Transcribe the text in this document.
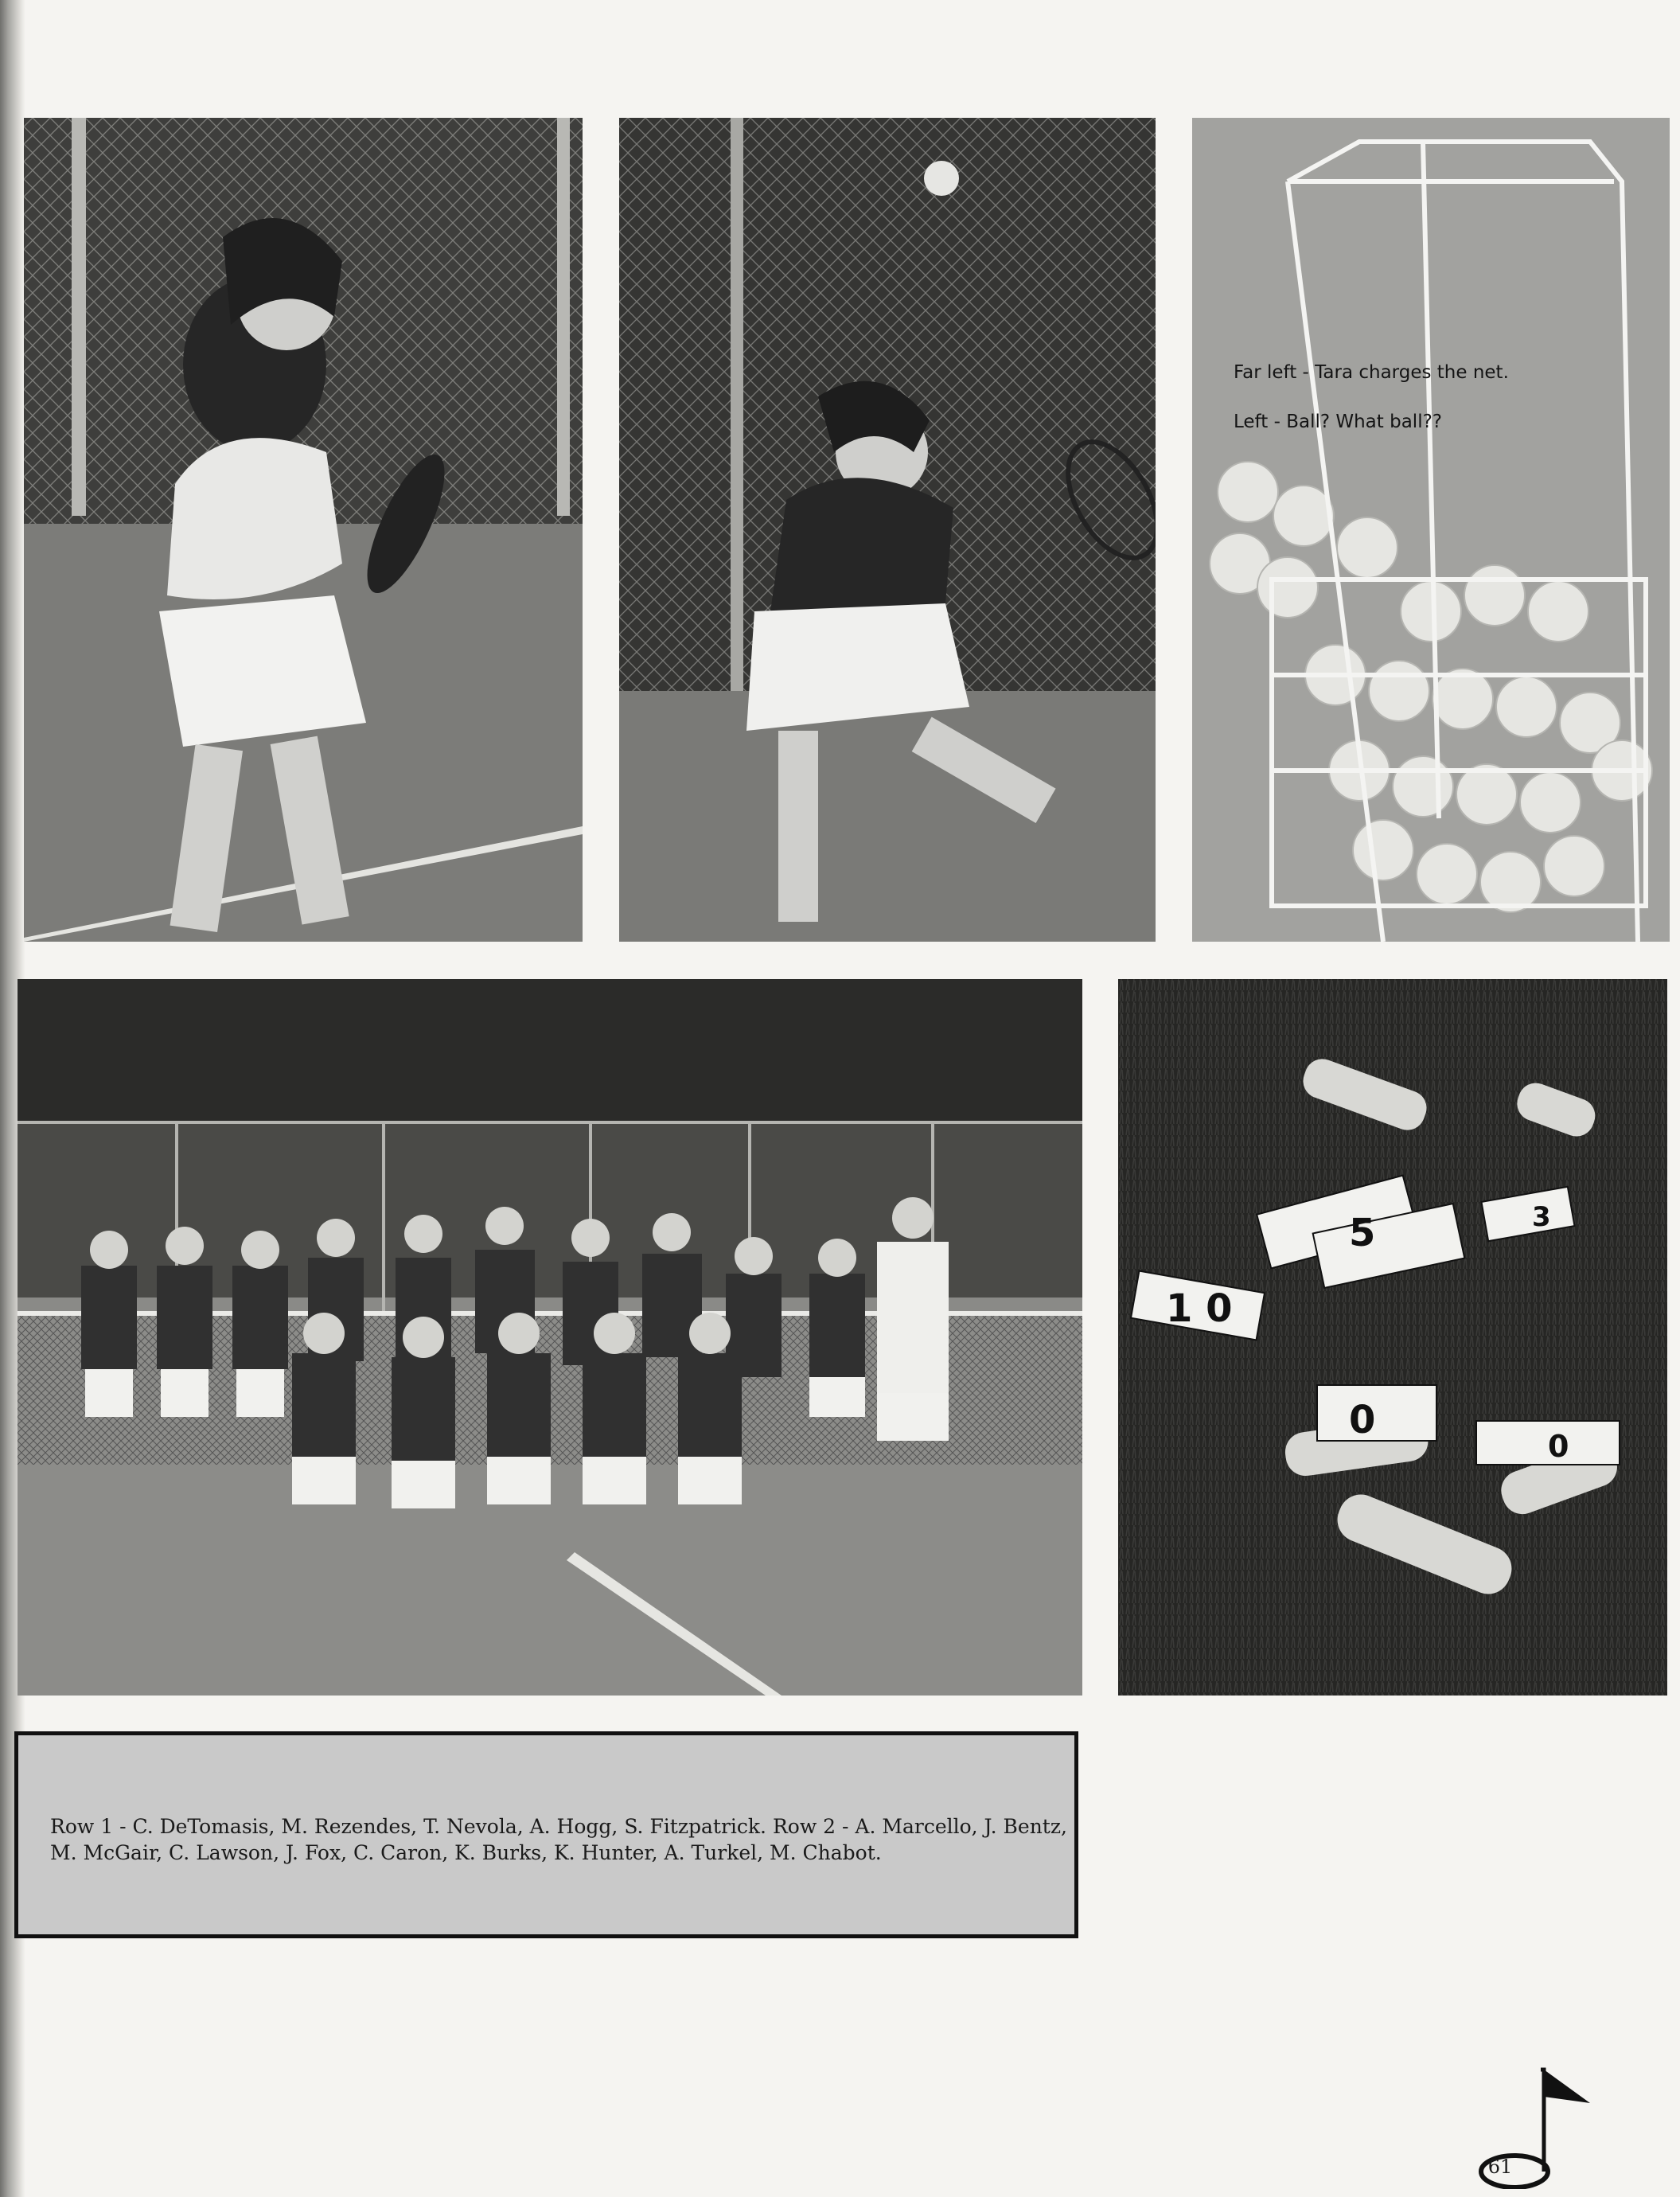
5
1 0
3
0
0

Far left - Tara charges the net.

Left - Ball? What ball??

Row 1 - C. DeTomasis, M. Rezendes, T. Nevola, A. Hogg, S. Fitzpatrick. Row 2 - A. Marcello, J. Bentz, M. McGair, C. Lawson, J. Fox, C. Caron, K. Burks, K. Hunter, A. Turkel, M. Chabot.
61
